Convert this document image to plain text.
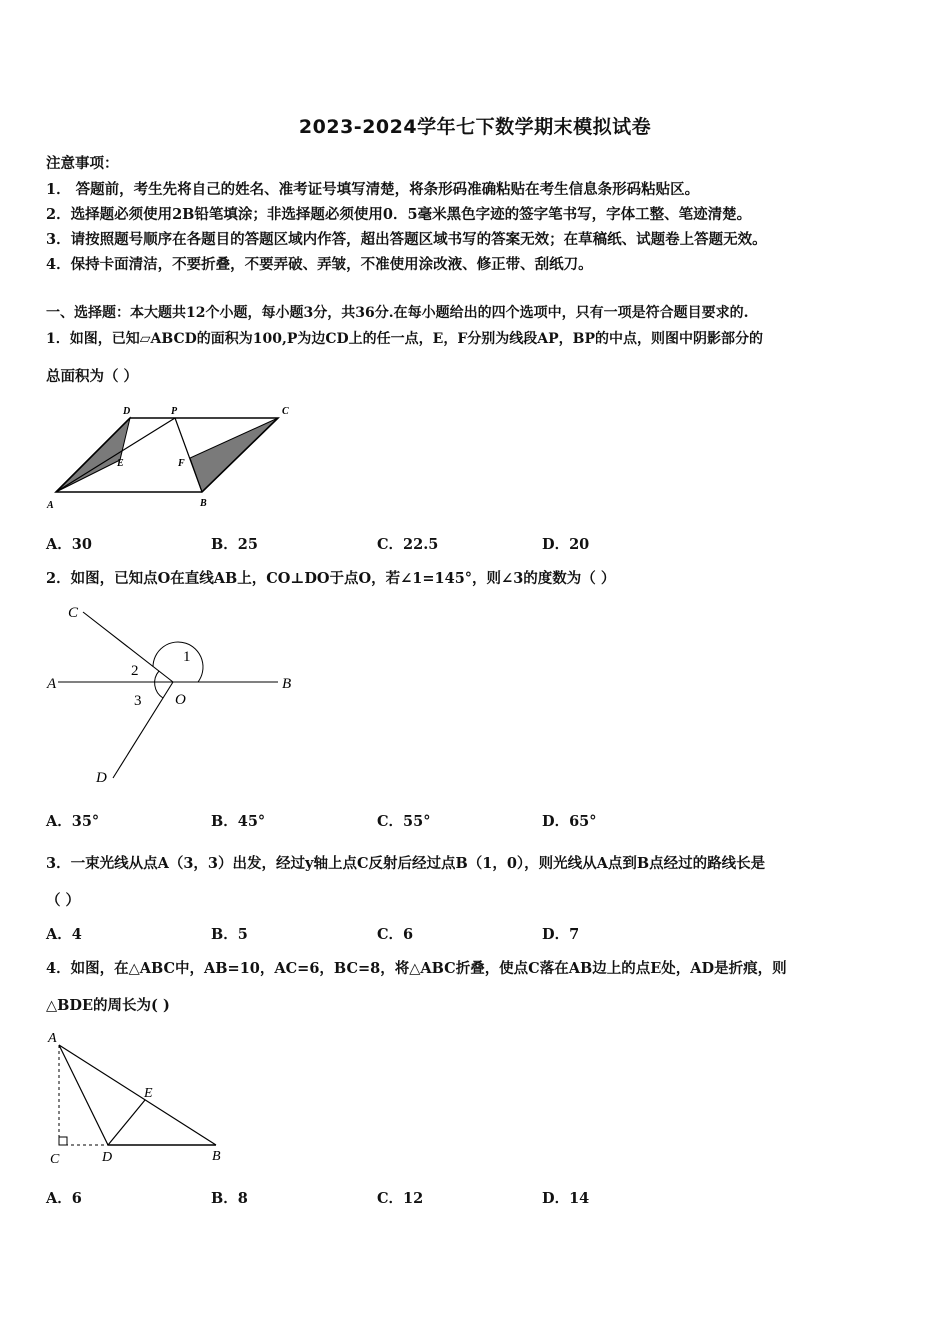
2023-2024学年七下数学期末模拟试卷
注意事项：
1． 答题前，考生先将自己的姓名、准考证号填写清楚，将条形码准确粘贴在考生信息条形码粘贴区。
2．选择题必须使用2B铅笔填涂；非选择题必须使用0．5毫米黑色字迹的签字笔书写，字体工整、笔迹清楚。
3．请按照题号顺序在各题目的答题区域内作答，超出答题区域书写的答案无效；在草稿纸、试题卷上答题无效。
4．保持卡面清洁，不要折叠，不要弄破、弄皱，不准使用涂改液、修正带、刮纸刀。
一、选择题：本大题共12个小题，每小题3分，共36分.在每小题给出的四个选项中，只有一项是符合题目要求的.
1．如图，已知▱ABCD的面积为100,P为边CD上的任一点，E，F分别为线段AP，BP的中点，则图中阴影部分的
总面积为（ ）
D	P	C
E	F
A	B
A．30	B．25	C．22.5	D．20
2．如图，已知点O在直线AB上，CO⊥DO于点O，若∠1=145°，则∠3的度数为（ ）
C
1
2
A	B
3 O
D
A．35°	B．45°	C．55°	D．65°
3．一束光线从点A（3，3）出发，经过y轴上点C反射后经过点B（1，0），则光线从A点到B点经过的路线长是
（ ）
A．4	B．5	C．6	D．7
4．如图，在△ABC中，AB=10，AC=6，BC=8，将△ABC折叠，使点C落在AB边上的点E处，AD是折痕，则
△BDE的周长为( )
A
E
C	D	B
A．6	B．8	C．12	D．14
